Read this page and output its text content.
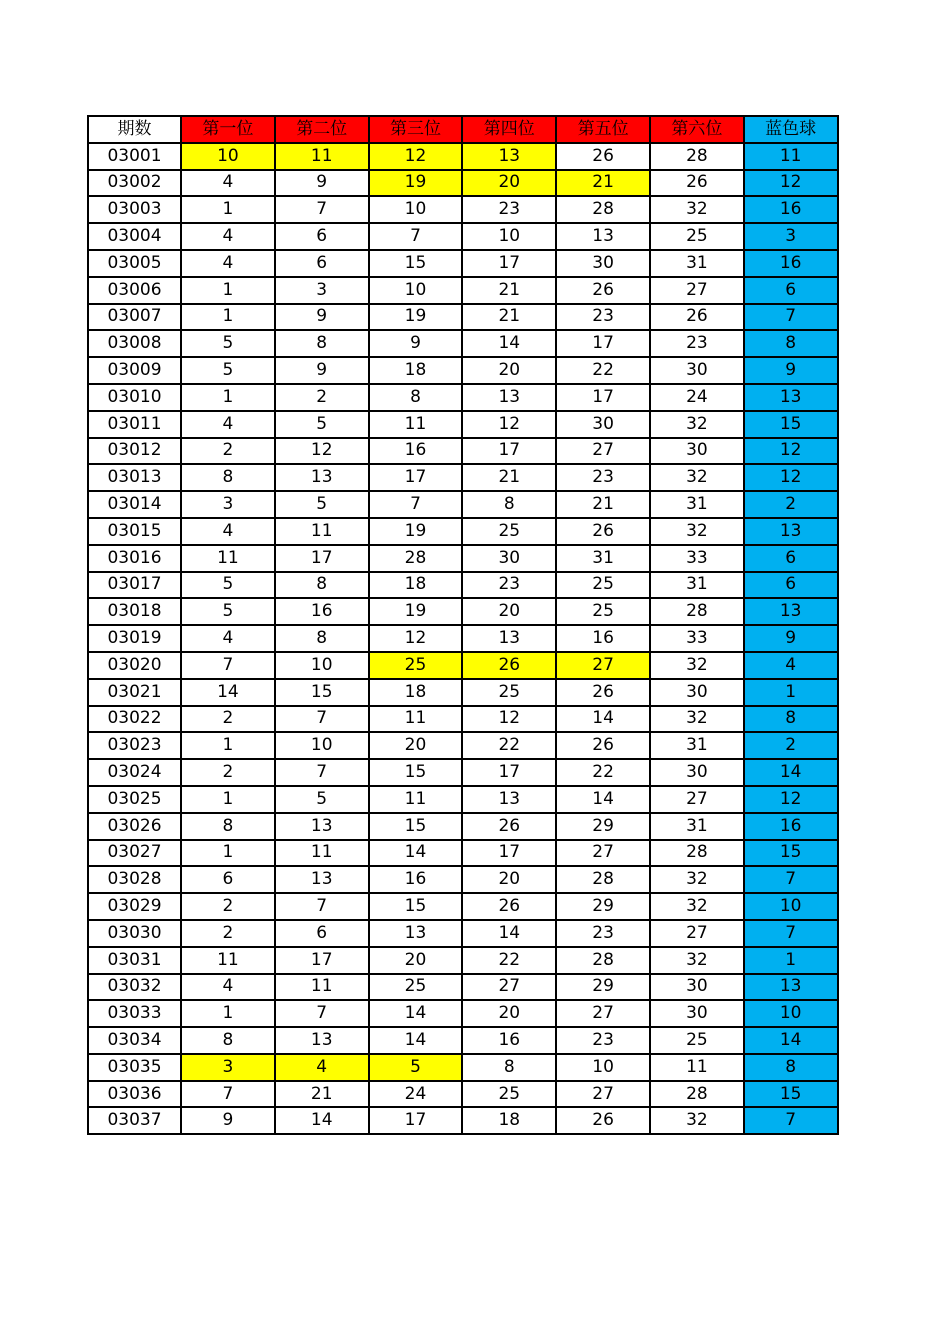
期数	第一位	第二位	第三位	第四位	第五位	第六位	蓝色球
03001	10	11	12	13	26	28	11
03002	4	9	19	20	21	26	12
03003	1	7	10	23	28	32	16
03004	4	6	7	10	13	25	3
03005	4	6	15	17	30	31	16
03006	1	3	10	21	26	27	6
03007	1	9	19	21	23	26	7
03008	5	8	9	14	17	23	8
03009	5	9	18	20	22	30	9
03010	1	2	8	13	17	24	13
03011	4	5	11	12	30	32	15
03012	2	12	16	17	27	30	12
03013	8	13	17	21	23	32	12
03014	3	5	7	8	21	31	2
03015	4	11	19	25	26	32	13
03016	11	17	28	30	31	33	6
03017	5	8	18	23	25	31	6
03018	5	16	19	20	25	28	13
03019	4	8	12	13	16	33	9
03020	7	10	25	26	27	32	4
03021	14	15	18	25	26	30	1
03022	2	7	11	12	14	32	8
03023	1	10	20	22	26	31	2
03024	2	7	15	17	22	30	14
03025	1	5	11	13	14	27	12
03026	8	13	15	26	29	31	16
03027	1	11	14	17	27	28	15
03028	6	13	16	20	28	32	7
03029	2	7	15	26	29	32	10
03030	2	6	13	14	23	27	7
03031	11	17	20	22	28	32	1
03032	4	11	25	27	29	30	13
03033	1	7	14	20	27	30	10
03034	8	13	14	16	23	25	14
03035	3	4	5	8	10	11	8
03036	7	21	24	25	27	28	15
03037	9	14	17	18	26	32	7
